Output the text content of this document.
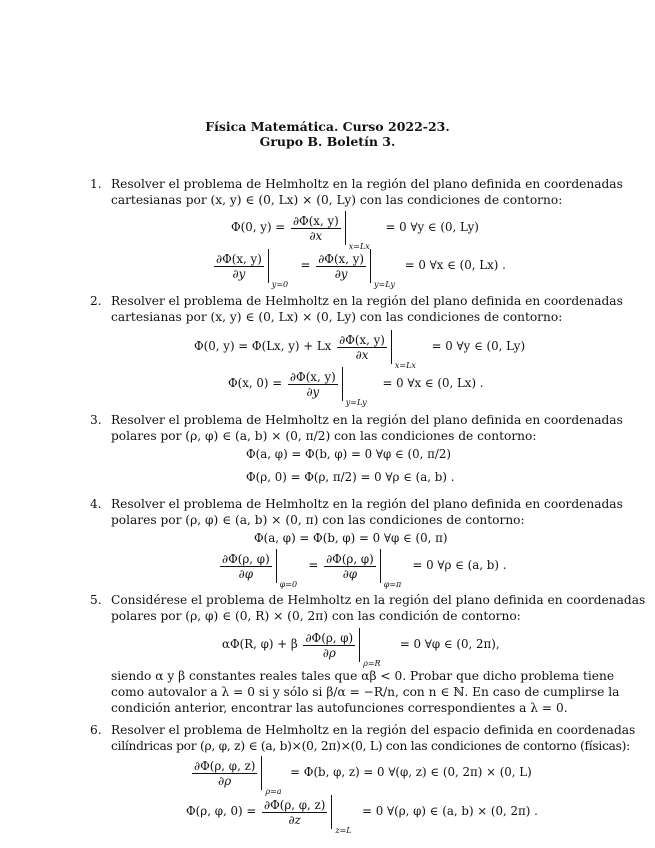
Física Matemática. Curso 2022-23.
Grupo B. Boletín 3.
1. Resolver el problema de Helmholtz en la región del plano definida en coordenadas
cartesianas por (x, y) ∈ (0, Lx) × (0, Ly) con las condiciones de contorno:
Φ(0, $y) = \frac{\partial\Phi(x, y)}{\partial x}$
x=Lx
= 0 ∀y ∈ (0, Ly)
$\frac{\partial\Phi(x, y)}{\partial y}$
y=0
= $\frac{\partial\Phi(x, y)}{\partial y}$
y=Ly
= 0 ∀x ∈ (0, Lx) .
2. Resolver el problema de Helmholtz en la región del plano definida en coordenadas
cartesianas por (x, y) ∈ (0, Lx) × (0, Ly) con las condiciones de contorno:
Φ(0, y) = Φ(Lx, y) + Lx $\frac{\partial\Phi(x, y)}{\partial x}$
x=Lx
= 0 ∀y ∈ (0, Ly)
Φ(x, $0) = \frac{\partial\Phi(x, y)}{\partial y}$
y=Ly
= 0 ∀x ∈ (0, Lx) .
3. Resolver el problema de Helmholtz en la región del plano definida en coordenadas
polares por (ρ, φ) ∈ (a, b) × (0, π/2) con las condiciones de contorno:
Φ(a, φ) = Φ(b, φ) = 0 ∀φ ∈ (0, π/2)
Φ(ρ, 0) = Φ(ρ, π/2) = 0 ∀ρ ∈ (a, b) .
4. Resolver el problema de Helmholtz en la región del plano definida en coordenadas
polares por (ρ, φ) ∈ (a, b) × (0, π) con las condiciones de contorno:
Φ(a, φ) = Φ(b, φ) = 0 ∀φ ∈ (0, π)
$\frac{\partial\Phi(\rho, \varphi)}{\partial\varphi}$
φ=0
= $\frac{\partial\Phi(\rho, \varphi)}{\partial\varphi}$
φ=π
= 0 ∀ρ ∈ (a, b) .
5. Considérese el problema de Helmholtz en la región del plano definida en coordenadas
polares por (ρ, φ) ∈ (0, R) × (0, 2π) con las condición de contorno:
αΦ(R, φ) + β $\frac{\partial\Phi(\rho, \varphi)}{\partial\rho}$
ρ=R
= 0 ∀φ ∈ (0, 2π),
siendo α y β constantes reales tales que αβ < 0. Probar que dicho problema tiene
como autovalor a λ = 0 si y sólo si β/α = −R/n, con n ∈ ℕ. En caso de cumplirse la
condición anterior, encontrar las autofunciones correspondientes a λ = 0.
6. Resolver el problema de Helmholtz en la región del espacio definida en coordenadas
cilíndricas por (ρ, φ, z) ∈ (a, b)×(0, 2π)×(0, L) con las condiciones de contorno (físicas):
$\frac{\partial\Phi(\rho, \varphi, z)}{\partial\rho}$
ρ=a
= Φ(b, φ, z) = 0 ∀(φ, z) ∈ (0, 2π) × (0, L)
Φ(ρ, φ, $0) = \frac{\partial\Phi(\rho, \varphi, z)}{\partial z}$
z=L
= 0 ∀(ρ, φ) ∈ (a, b) × (0, 2π) .
